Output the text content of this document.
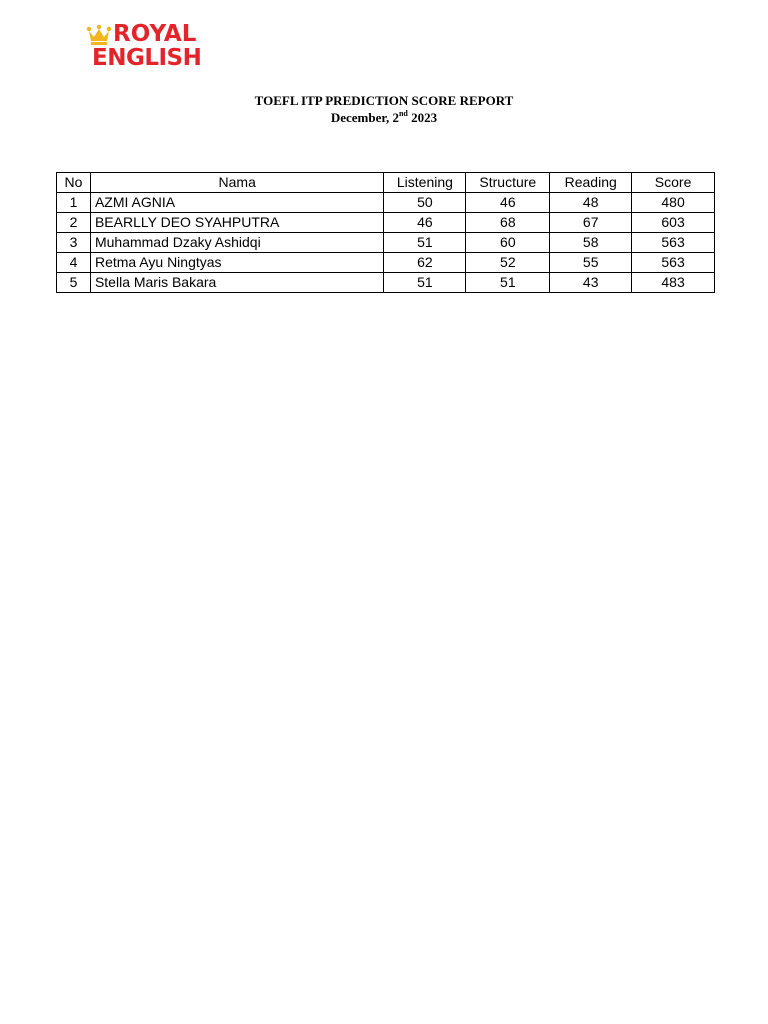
ROYAL
ENGLISH
TOEFL ITP PREDICTION SCORE REPORT
December, 2nd 2023
No	Nama	Listening	Structure	Reading	Score
1	AZMI AGNIA	50	46	48	480
2	BEARLLY DEO SYAHPUTRA	46	68	67	603
3	Muhammad Dzaky Ashidqi	51	60	58	563
4	Retma Ayu Ningtyas	62	52	55	563
5	Stella Maris Bakara	51	51	43	483
